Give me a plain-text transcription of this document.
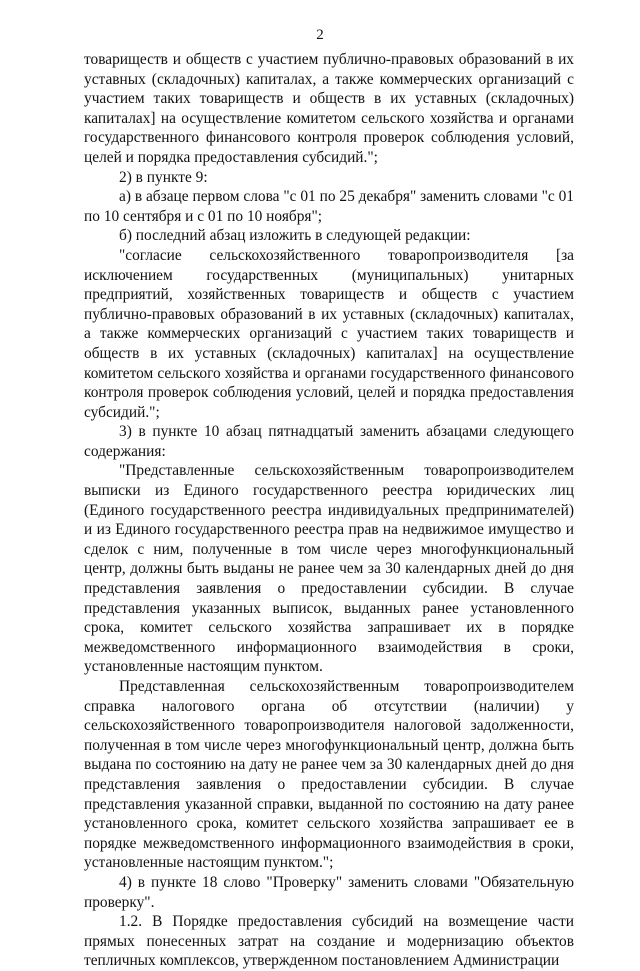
2

товариществ и обществ с участием публично-правовых образований в их уставных (складочных) капиталах, а также коммерческих организаций с участием таких товариществ и обществ в их уставных (складочных) капиталах] на осуществление комитетом сельского хозяйства и органами государственного финансового контроля проверок соблюдения условий, целей и порядка предоставления субсидий.";

2) в пункте 9:

а) в абзаце первом слова "с 01 по 25 декабря" заменить словами "с 01 по 10 сентября и с 01 по 10 ноября";

б) последний абзац изложить в следующей редакции:

"согласие сельскохозяйственного товаропроизводителя [за исключением государственных (муниципальных) унитарных предприятий, хозяйственных товариществ и обществ с участием публично-правовых образований в их уставных (складочных) капиталах, а также коммерческих организаций с участием таких товариществ и обществ в их уставных (складочных) капиталах] на осуществление комитетом сельского хозяйства и органами государственного финансового контроля проверок соблюдения условий, целей и порядка предоставления субсидий.";

3) в пункте 10 абзац пятнадцатый заменить абзацами следующего содержания:

"Представленные сельскохозяйственным товаропроизводителем выписки из Единого государственного реестра юридических лиц (Единого государственного реестра индивидуальных предпринимателей) и из Единого государственного реестра прав на недвижимое имущество и сделок с ним, полученные в том числе через многофункциональный центр, должны быть выданы не ранее чем за 30 календарных дней до дня представления заявления о предоставлении субсидии. В случае представления указанных выписок, выданных ранее установленного срока, комитет сельского хозяйства запрашивает их в порядке межведомственного информационного взаимодействия в сроки, установленные настоящим пунктом.

Представленная сельскохозяйственным товаропроизводителем справка налогового органа об отсутствии (наличии) у сельскохозяйственного товаропроизводителя налоговой задолженности, полученная в том числе через многофункциональный центр, должна быть выдана по состоянию на дату не ранее чем за 30 календарных дней до дня представления заявления о предоставлении субсидии. В случае представления указанной справки, выданной по состоянию на дату ранее установленного срока, комитет сельского хозяйства запрашивает ее в порядке межведомственного информационного взаимодействия в сроки, установленные настоящим пунктом.";

4) в пункте 18 слово "Проверку" заменить словами "Обязательную проверку".

1.2. В Порядке предоставления субсидий на возмещение части прямых понесенных затрат на создание и модернизацию объектов тепличных комплексов, утвержденном постановлением Администрации
